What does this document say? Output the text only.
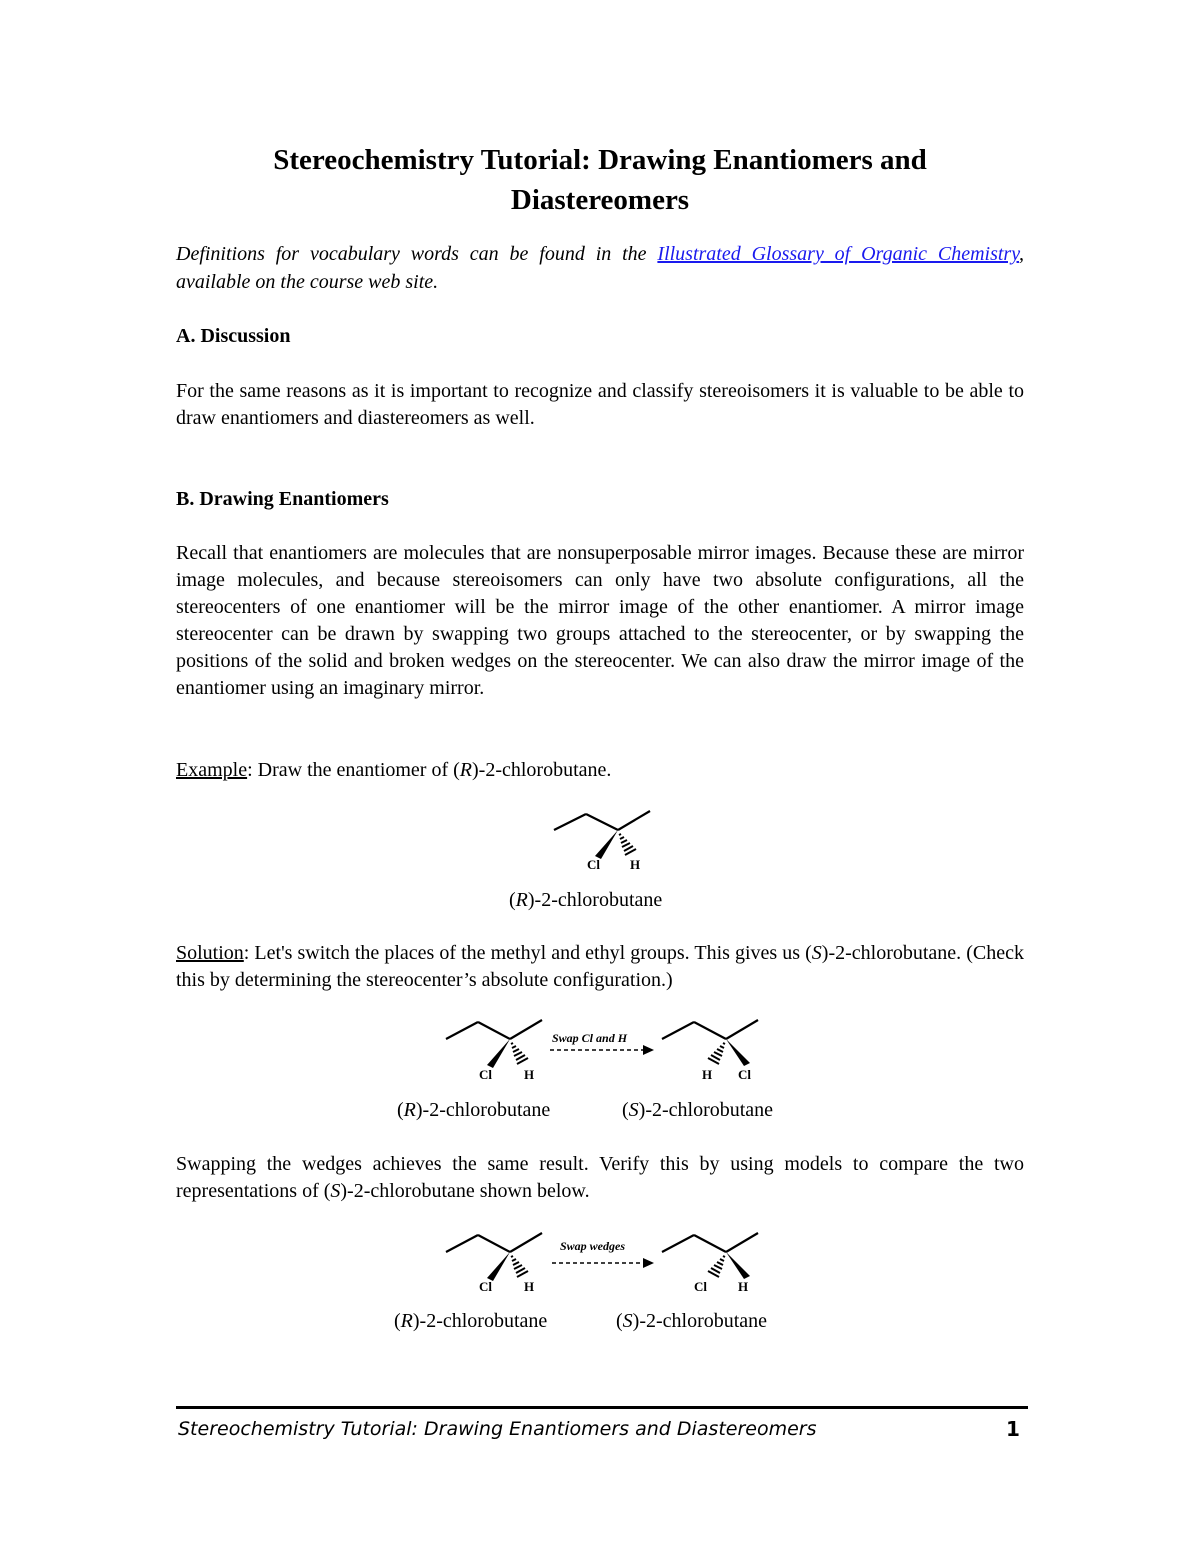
Stereochemistry Tutorial: Drawing Enantiomers and
Diastereomers
Definitions for vocabulary words can be found in the Illustrated Glossary of Organic Chemistry, available on the course web site.
A. Discussion
For the same reasons as it is important to recognize and classify stereoisomers it is valuable to be able to draw enantiomers and diastereomers as well.
B. Drawing Enantiomers
Recall that enantiomers are molecules that are nonsuperposable mirror images. Because these are mirror image molecules, and because stereoisomers can only have two absolute configurations, all the stereocenters of one enantiomer will be the mirror image of the other enantiomer. A mirror image stereocenter can be drawn by swapping two groups attached to the stereocenter, or by swapping the positions of the solid and broken wedges on the stereocenter. We can also draw the mirror image of the enantiomer using an imaginary mirror.
Example: Draw the enantiomer of (R)-2-chlorobutane.
Cl H
(R)-2-chlorobutane
Solution: Let's switch the places of the methyl and ethyl groups. This gives us (S)-2-chlorobutane. (Check this by determining the stereocenter’s absolute configuration.)
Cl H
Swap Cl and H
H Cl
(R)-2-chlorobutane	(S)-2-chlorobutane
Swapping the wedges achieves the same result. Verify this by using models to compare the two representations of (S)-2-chlorobutane shown below.
Cl H
Swap wedges
Cl H
(R)-2-chlorobutane	(S)-2-chlorobutane
Stereochemistry Tutorial: Drawing Enantiomers and Diastereomers	1
